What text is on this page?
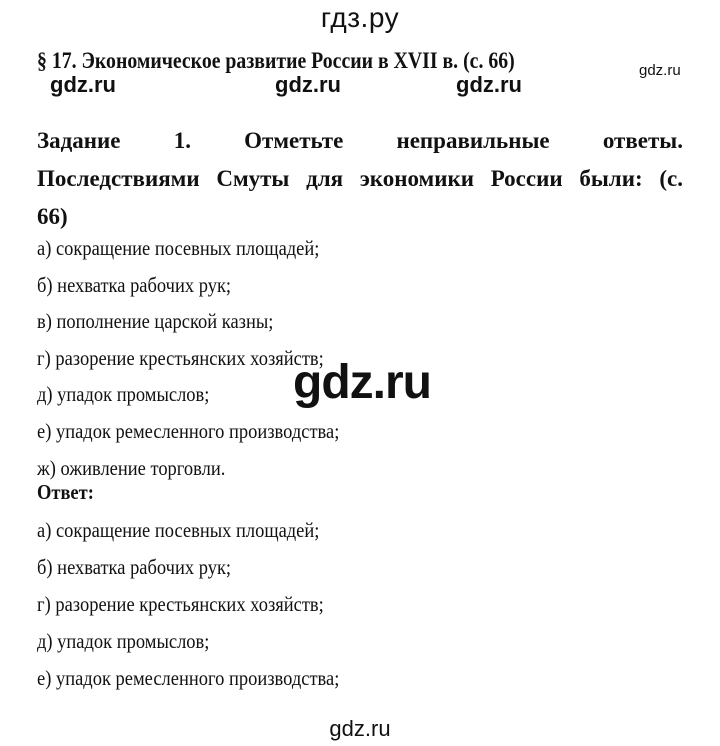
гдз.ру
§ 17. Экономическое развитие России в XVII в. (с. 66)	gdz.ru
gdz.ru	gdz.ru	gdz.ru
Задание 1. Отметьте неправильные ответы.
Последствиями Смуты для экономики России были: (с.
66)
а) сокращение посевных площадей;
б) нехватка рабочих рук;
в) пополнение царской казны;
г) разорение крестьянских хозяйств;
д) упадок промыслов;
е) упадок ремесленного производства;
ж) оживление торговли.
gdz.ru
Ответ:
а) сокращение посевных площадей;
б) нехватка рабочих рук;
г) разорение крестьянских хозяйств;
д) упадок промыслов;
е) упадок ремесленного производства;
gdz.ru
